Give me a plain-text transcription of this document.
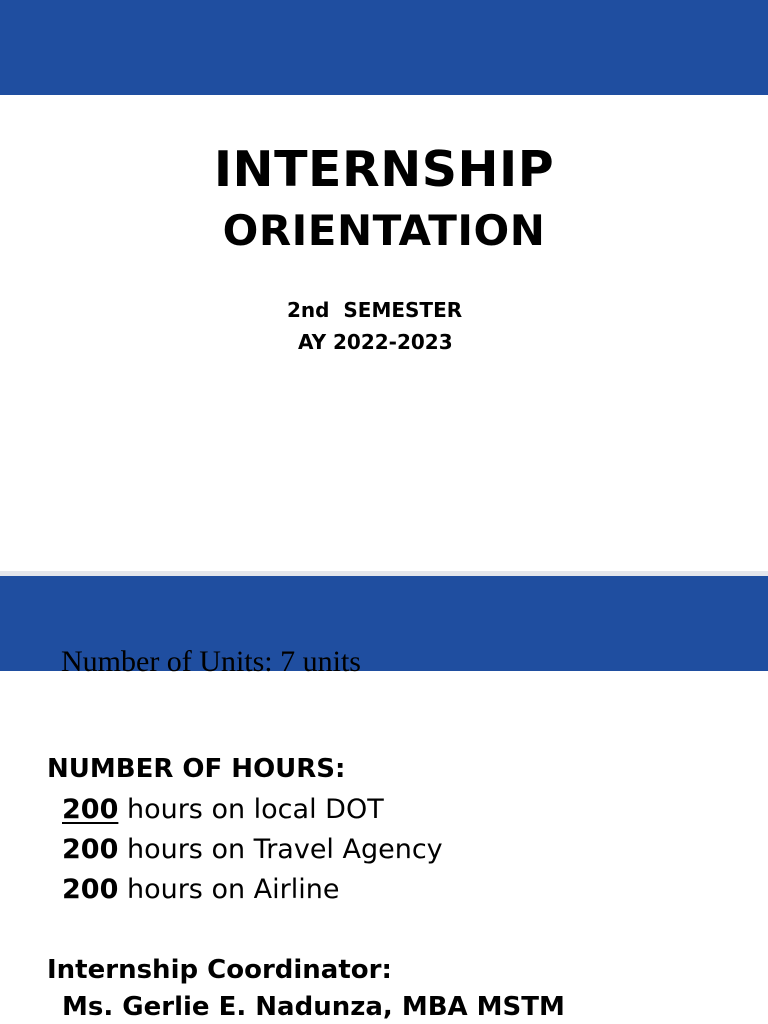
INTERNSHIP
ORIENTATION
2nd  SEMESTER
AY 2022-2023
Number of Units: 7 units
NUMBER OF HOURS:
200 hours on local DOT
200 hours on Travel Agency
200 hours on Airline
Internship Coordinator:
Ms. Gerlie E. Nadunza, MBA MSTM
